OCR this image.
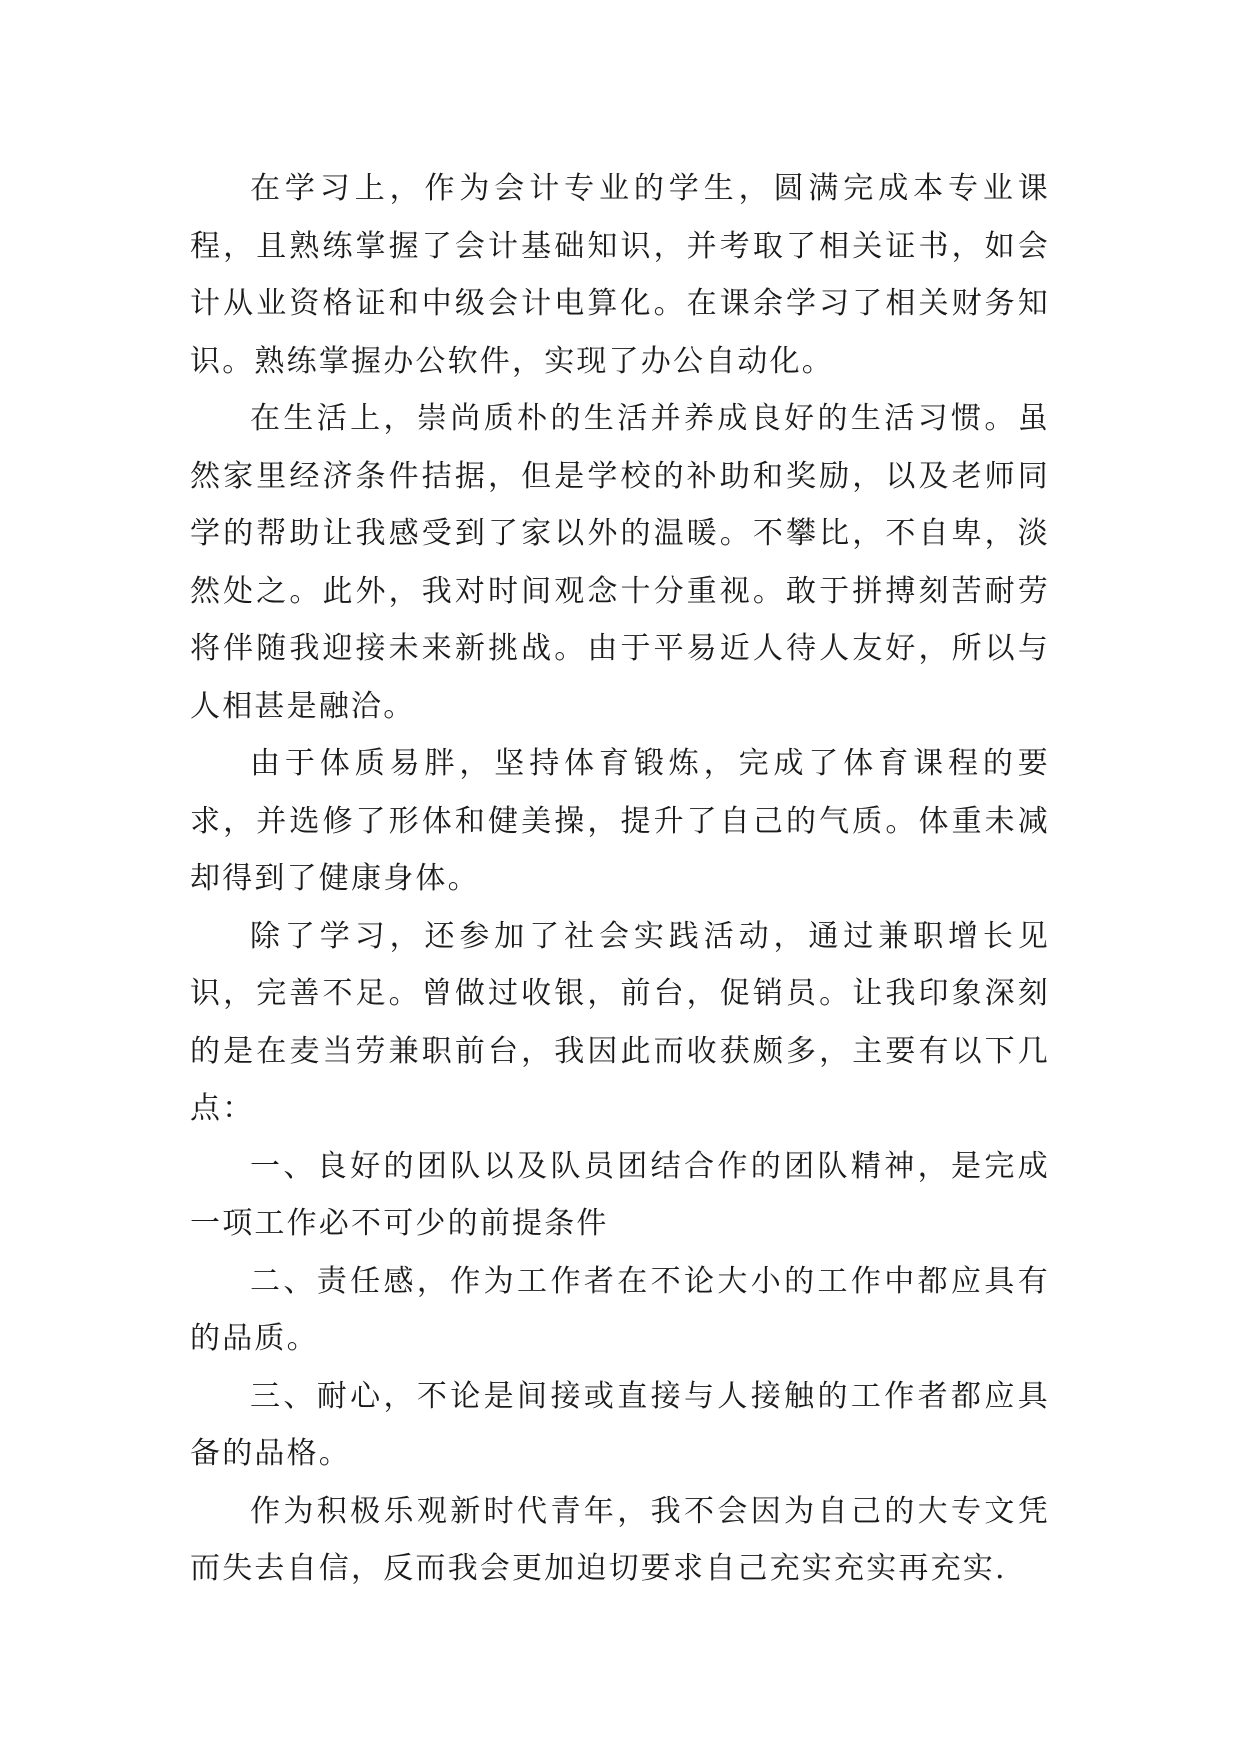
在学习上，作为会计专业的学生，圆满完成本专业课程，且熟练掌握了会计基础知识，并考取了相关证书，如会计从业资格证和中级会计电算化。在课余学习了相关财务知识。熟练掌握办公软件，实现了办公自动化。

在生活上，崇尚质朴的生活并养成良好的生活习惯。虽然家里经济条件拮据，但是学校的补助和奖励，以及老师同学的帮助让我感受到了家以外的温暖。不攀比，不自卑，淡然处之。此外，我对时间观念十分重视。敢于拼搏刻苦耐劳将伴随我迎接未来新挑战。由于平易近人待人友好，所以与人相甚是融洽。

由于体质易胖，坚持体育锻炼，完成了体育课程的要求，并选修了形体和健美操，提升了自己的气质。体重未减却得到了健康身体。

除了学习，还参加了社会实践活动，通过兼职增长见识，完善不足。曾做过收银，前台，促销员。让我印象深刻的是在麦当劳兼职前台，我因此而收获颇多，主要有以下几点：

一、良好的团队以及队员团结合作的团队精神，是完成一项工作必不可少的前提条件

二、责任感，作为工作者在不论大小的工作中都应具有的品质。

三、耐心，不论是间接或直接与人接触的工作者都应具备的品格。

作为积极乐观新时代青年，我不会因为自己的大专文凭而失去自信，反而我会更加迫切要求自己充实充实再充实.
